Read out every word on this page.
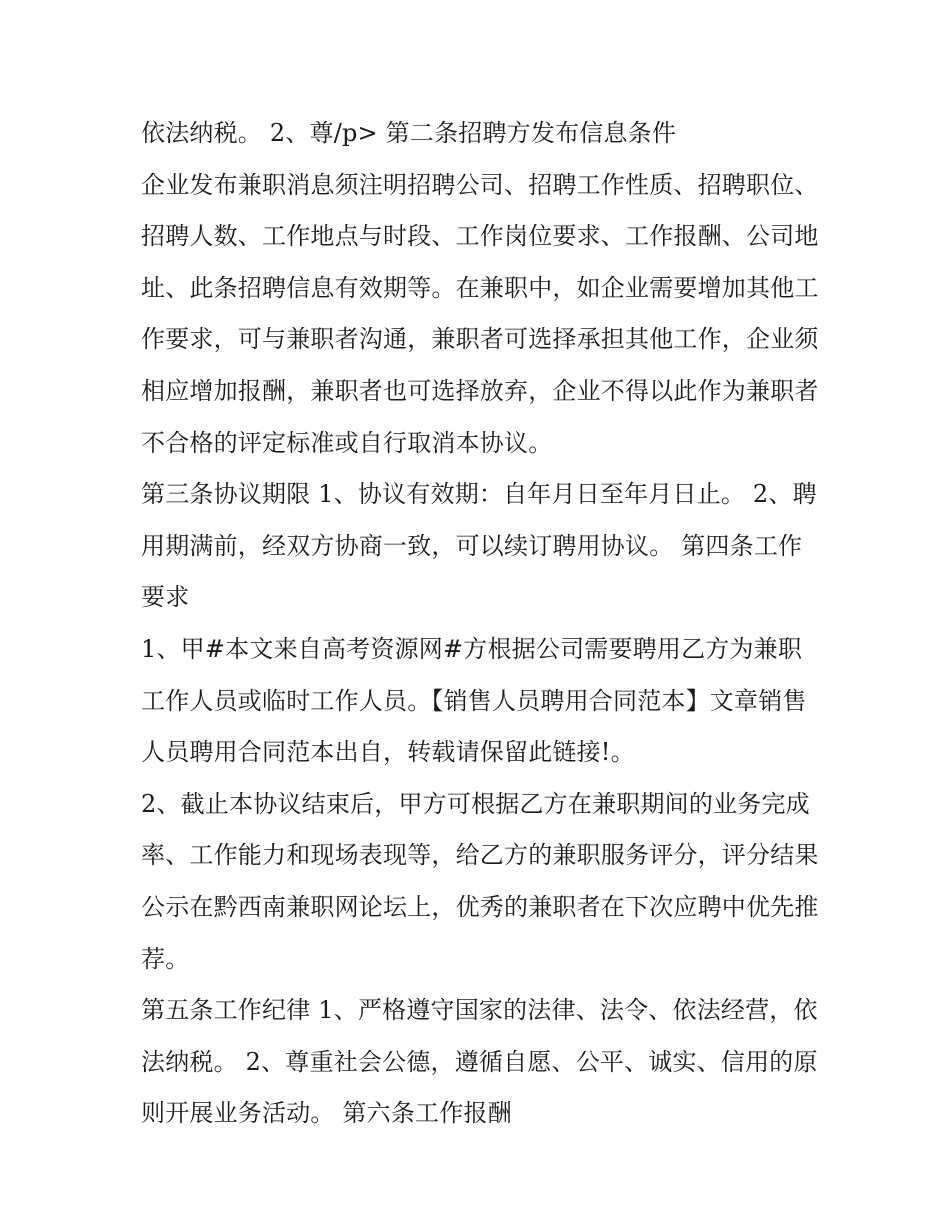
依法纳税。 2、尊/p> 第二条招聘方发布信息条件

企业发布兼职消息须注明招聘公司、招聘工作性质、招聘职位、招聘人数、工作地点与时段、工作岗位要求、工作报酬、公司地址、此条招聘信息有效期等。在兼职中，如企业需要增加其他工作要求，可与兼职者沟通，兼职者可选择承担其他工作，企业须相应增加报酬，兼职者也可选择放弃，企业不得以此作为兼职者不合格的评定标准或自行取消本协议。

第三条协议期限 1、协议有效期：自年月日至年月日止。 2、聘用期满前，经双方协商一致，可以续订聘用协议。 第四条工作要求

1、甲#本文来自高考资源网#方根据公司需要聘用乙方为兼职工作人员或临时工作人员。【销售人员聘用合同范本】文章销售人员聘用合同范本出自，转载请保留此链接!。

2、截止本协议结束后，甲方可根据乙方在兼职期间的业务完成率、工作能力和现场表现等，给乙方的兼职服务评分，评分结果公示在黔西南兼职网论坛上，优秀的兼职者在下次应聘中优先推荐。

第五条工作纪律 1、严格遵守国家的法律、法令、依法经营，依法纳税。 2、尊重社会公德，遵循自愿、公平、诚实、信用的原则开展业务活动。 第六条工作报酬
